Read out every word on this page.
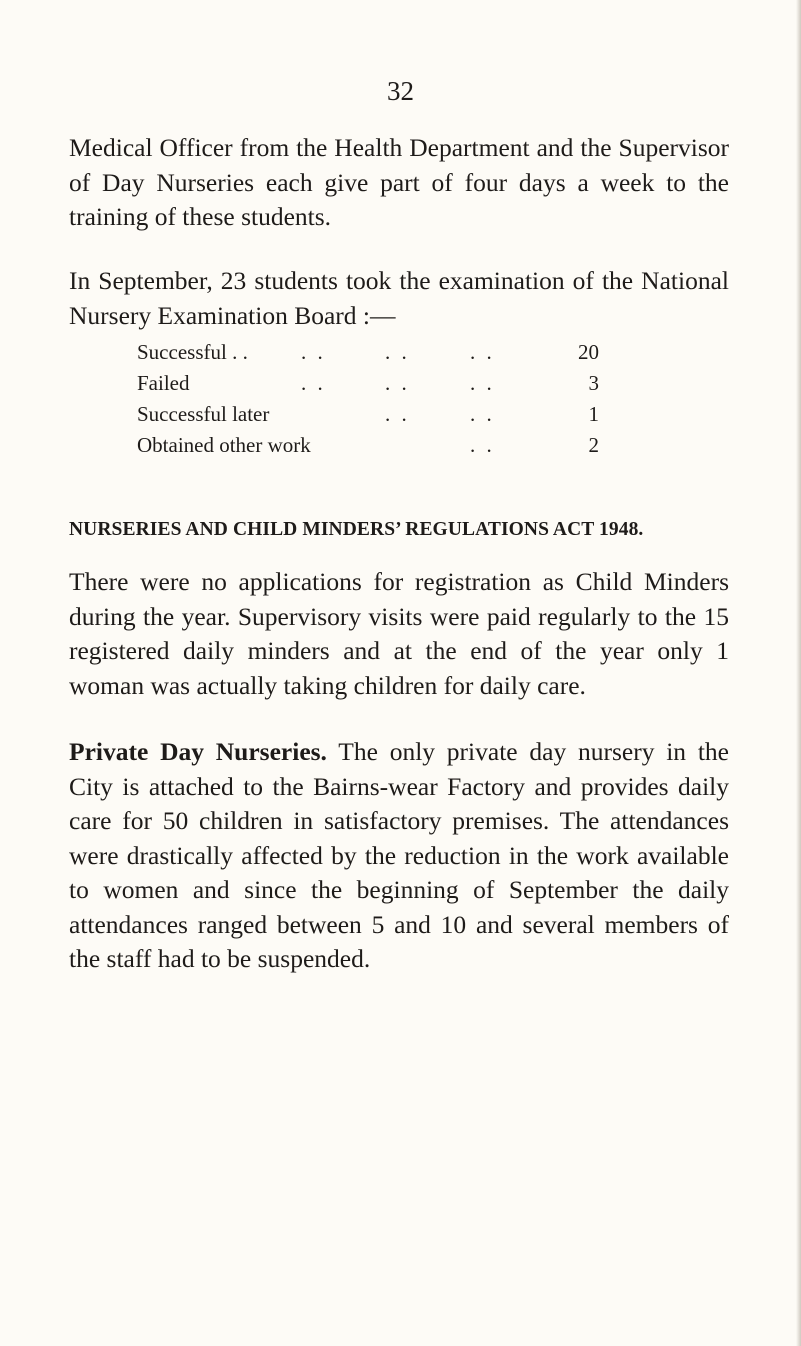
32

Medical Officer from the Health Department and the Supervisor of Day Nurseries each give part of four days a week to the training of these students.

In September, 23 students took the examination of the National Nursery Examination Board :—

Successful . .	. .	. .	. .	20
Failed	. .	. .	. .	3
Successful later	. .	. .	1
Obtained other work	. .	2
NURSERIES AND CHILD MINDERS’ REGULATIONS ACT 1948.

There were no applications for registration as Child Minders during the year. Supervisory visits were paid regularly to the 15 registered daily minders and at the end of the year only 1 woman was actually taking children for daily care.

Private Day Nurseries. The only private day nursery in the City is attached to the Bairns-wear Factory and provides daily care for 50 children in satisfactory premises. The attendances were drastically affected by the reduction in the work available to women and since the beginning of September the daily attendances ranged between 5 and 10 and several members of the staff had to be suspended.
